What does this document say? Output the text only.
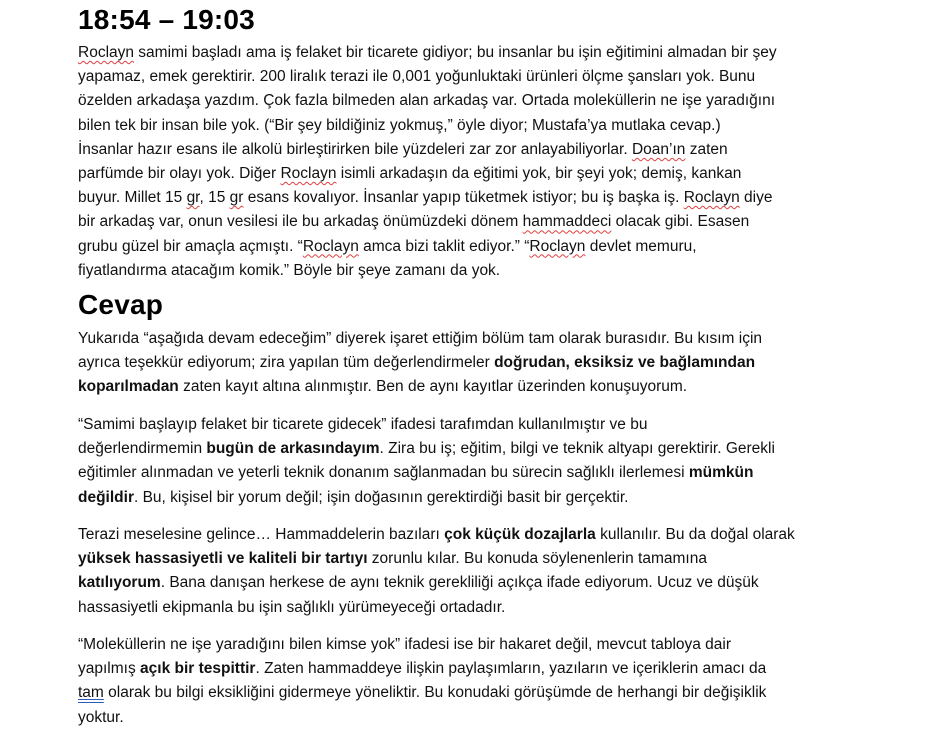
18:54 – 19:03

Roclayn samimi başladı ama iş felaket bir ticarete gidiyor; bu insanlar bu işin eğitimini almadan bir şey
yapamaz, emek gerektirir. 200 liralık terazi ile 0,001 yoğunluktaki ürünleri ölçme şansları yok. Bunu
özelden arkadaşa yazdım. Çok fazla bilmeden alan arkadaş var. Ortada moleküllerin ne işe yaradığını
bilen tek bir insan bile yok. (“Bir şey bildiğiniz yokmuş,” öyle diyor; Mustafa’ya mutlaka cevap.)
İnsanlar hazır esans ile alkolü birleştirirken bile yüzdeleri zar zor anlayabiliyorlar. Doan’ın zaten
parfümde bir olayı yok. Diğer Roclayn isimli arkadaşın da eğitimi yok, bir şeyi yok; demiş, kankan
buyur. Millet 15 gr, 15 gr esans kovalıyor. İnsanlar yapıp tüketmek istiyor; bu iş başka iş. Roclayn diye
bir arkadaş var, onun vesilesi ile bu arkadaş önümüzdeki dönem hammaddeci olacak gibi. Esasen
grubu güzel bir amaçla açmıştı. “Roclayn amca bizi taklit ediyor.” “Roclayn devlet memuru,
fiyatlandırma atacağım komik.” Böyle bir şeye zamanı da yok.

Cevap

Yukarıda “aşağıda devam edeceğim” diyerek işaret ettiğim bölüm tam olarak burasıdır. Bu kısım için
ayrıca teşekkür ediyorum; zira yapılan tüm değerlendirmeler doğrudan, eksiksiz ve bağlamından
koparılmadan zaten kayıt altına alınmıştır. Ben de aynı kayıtlar üzerinden konuşuyorum.

“Samimi başlayıp felaket bir ticarete gidecek” ifadesi tarafımdan kullanılmıştır ve bu
değerlendirmemin bugün de arkasındayım. Zira bu iş; eğitim, bilgi ve teknik altyapı gerektirir. Gerekli
eğitimler alınmadan ve yeterli teknik donanım sağlanmadan bu sürecin sağlıklı ilerlemesi mümkün
değildir. Bu, kişisel bir yorum değil; işin doğasının gerektirdiği basit bir gerçektir.

Terazi meselesine gelince… Hammaddelerin bazıları çok küçük dozajlarla kullanılır. Bu da doğal olarak
yüksek hassasiyetli ve kaliteli bir tartıyı zorunlu kılar. Bu konuda söylenenlerin tamamına
katılıyorum. Bana danışan herkese de aynı teknik gerekliliği açıkça ifade ediyorum. Ucuz ve düşük
hassasiyetli ekipmanla bu işin sağlıklı yürümeyeceği ortadadır.

“Moleküllerin ne işe yaradığını bilen kimse yok” ifadesi ise bir hakaret değil, mevcut tabloya dair
yapılmış açık bir tespittir. Zaten hammaddeye ilişkin paylaşımların, yazıların ve içeriklerin amacı da
tam olarak bu bilgi eksikliğini gidermeye yöneliktir. Bu konudaki görüşümde de herhangi bir değişiklik
yoktur.
